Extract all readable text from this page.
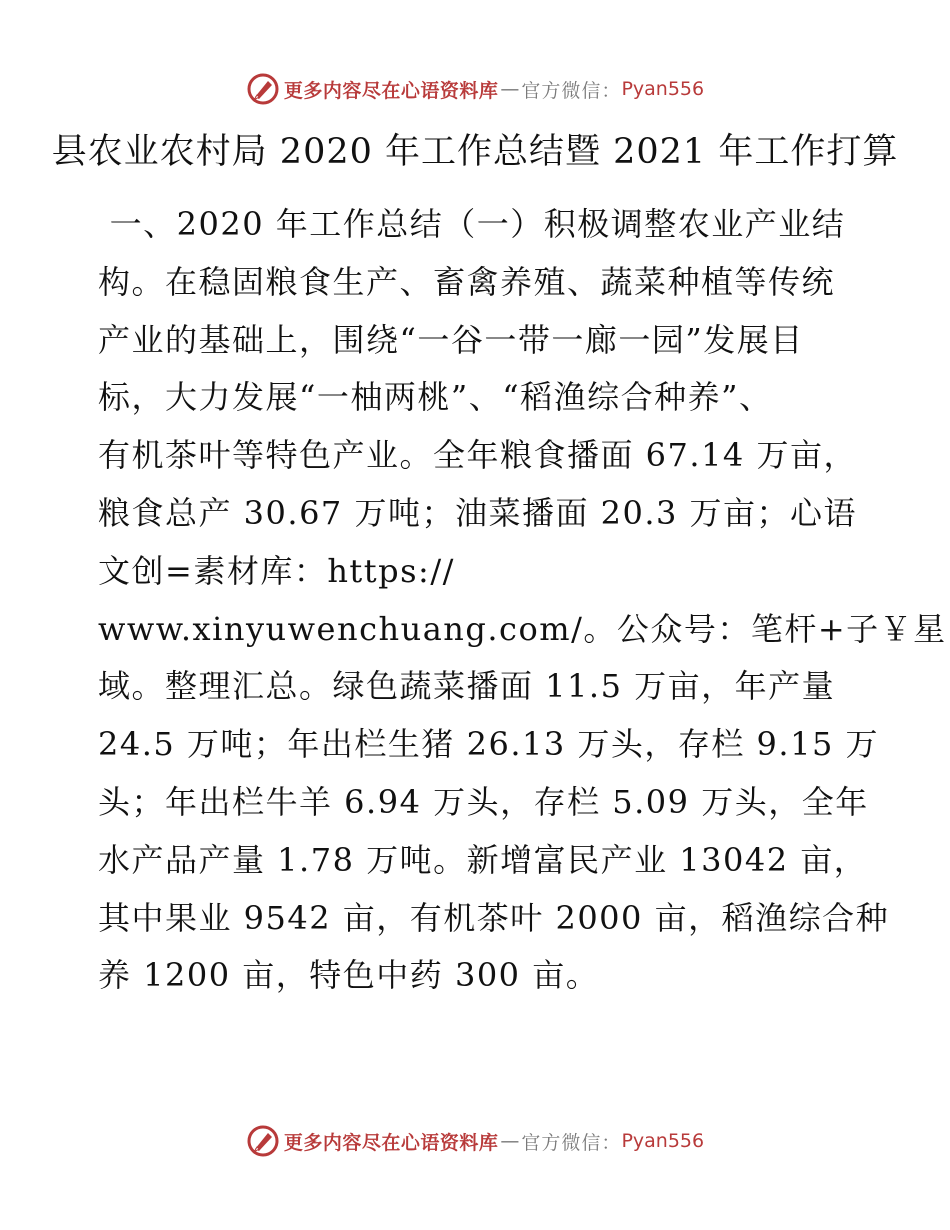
更多内容尽在心语资料库 — 官方微信： Pyan556
县农业农村局 2020 年工作总结暨 2021 年工作打算
一、2020 年工作总结（一）积极调整农业产业结
构。在稳固粮食生产、畜禽养殖、蔬菜种植等传统
产业的基础上，围绕“一谷一带一廊一园”发展目
标，大力发展“一柚两桃”、“稻渔综合种养”、
有机茶叶等特色产业。全年粮食播面 67.14 万亩，
粮食总产 30.67 万吨；油菜播面 20.3 万亩；心语
文创=素材库：https://
www.xinyuwenchuang.com/。公众号：笔杆+子￥星
域。整理汇总。绿色蔬菜播面 11.5 万亩，年产量
24.5 万吨；年出栏生猪 26.13 万头，存栏 9.15 万
头；年出栏牛羊 6.94 万头，存栏 5.09 万头，全年
水产品产量 1.78 万吨。新增富民产业 13042 亩，
其中果业 9542 亩，有机茶叶 2000 亩，稻渔综合种
养 1200 亩，特色中药 300 亩。
更多内容尽在心语资料库 — 官方微信： Pyan556
